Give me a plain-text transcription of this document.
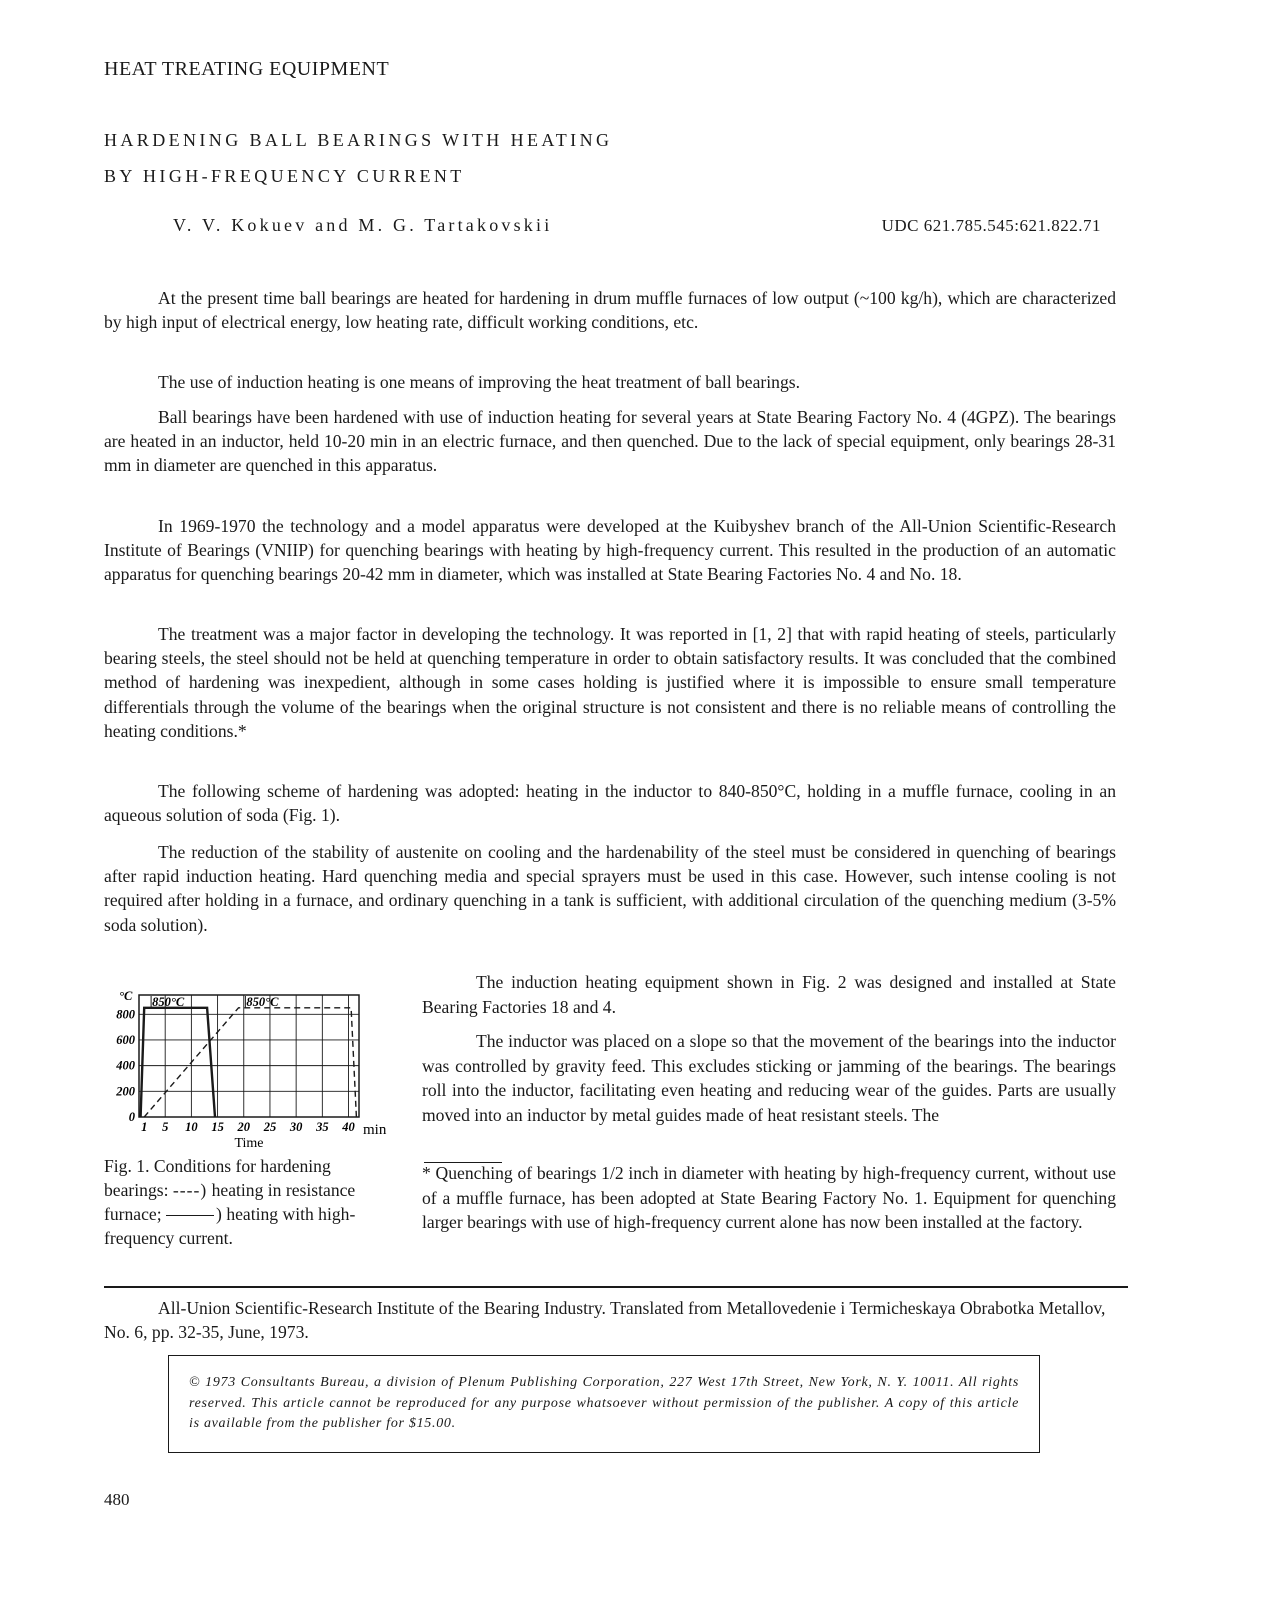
HEAT TREATING EQUIPMENT
HARDENING BALL BEARINGS WITH HEATING
BY HIGH-FREQUENCY CURRENT
V. V. Kokuev and M. G. Tartakovskii	UDC 621.785.545:621.822.71

At the present time ball bearings are heated for hardening in drum muffle furnaces of low output (~100 kg/h), which are characterized by high input of electrical energy, low heating rate, difficult working conditions, etc.

The use of induction heating is one means of improving the heat treatment of ball bearings.

Ball bearings have been hardened with use of induction heating for several years at State Bearing Factory No. 4 (4GPZ). The bearings are heated in an inductor, held 10-20 min in an electric furnace, and then quenched. Due to the lack of special equipment, only bearings 28-31 mm in diameter are quenched in this apparatus.

In 1969-1970 the technology and a model apparatus were developed at the Kuibyshev branch of the All-Union Scientific-Research Institute of Bearings (VNIIP) for quenching bearings with heating by high-frequency current. This resulted in the production of an automatic apparatus for quenching bearings 20-42 mm in diameter, which was installed at State Bearing Factories No. 4 and No. 18.

The treatment was a major factor in developing the technology. It was reported in [1, 2] that with rapid heating of steels, particularly bearing steels, the steel should not be held at quenching temperature in order to obtain satisfactory results. It was concluded that the combined method of hardening was inexpedient, although in some cases holding is justified where it is impossible to ensure small temperature differentials through the volume of the bearings when the original structure is not consistent and there is no reliable means of controlling the heating conditions.*

The following scheme of hardening was adopted: heating in the inductor to 840-850°C, holding in a muffle furnace, cooling in an aqueous solution of soda (Fig. 1).

The reduction of the stability of austenite on cooling and the hardenability of the steel must be considered in quenching of bearings after rapid induction heating. Hard quenching media and special sprayers must be used in this case. However, such intense cooling is not required after holding in a furnace, and ordinary quenching in a tank is sufficient, with additional circulation of the quenching medium (3-5% soda solution).

0
200
400
600
800
1 5 10 15 20 25 30 35 40
°C
min
Time
850°C	850°C
Fig. 1. Conditions for hardening bearings: ----) heating in resistance furnace;	) heating with high-frequency current.

The induction heating equipment shown in Fig. 2 was designed and installed at State Bearing Factories 18 and 4.

The inductor was placed on a slope so that the movement of the bearings into the inductor was controlled by gravity feed. This excludes sticking or jamming of the bearings. The bearings roll into the inductor, facilitating even heating and reducing wear of the guides. Parts are usually moved into an inductor by metal guides made of heat resistant steels. The

* Quenching of bearings 1/2 inch in diameter with heating by high-frequency current, without use of a muffle furnace, has been adopted at State Bearing Factory No. 1. Equipment for quenching larger bearings with use of high-frequency current alone has now been installed at the factory.

All-Union Scientific-Research Institute of the Bearing Industry. Translated from Metallovedenie i Termicheskaya Obrabotka Metallov, No. 6, pp. 32-35, June, 1973.

© 1973 Consultants Bureau, a division of Plenum Publishing Corporation, 227 West 17th Street, New York, N. Y. 10011. All rights reserved. This article cannot be reproduced for any purpose whatsoever without permission of the publisher. A copy of this article is available from the publisher for $15.00.
480
